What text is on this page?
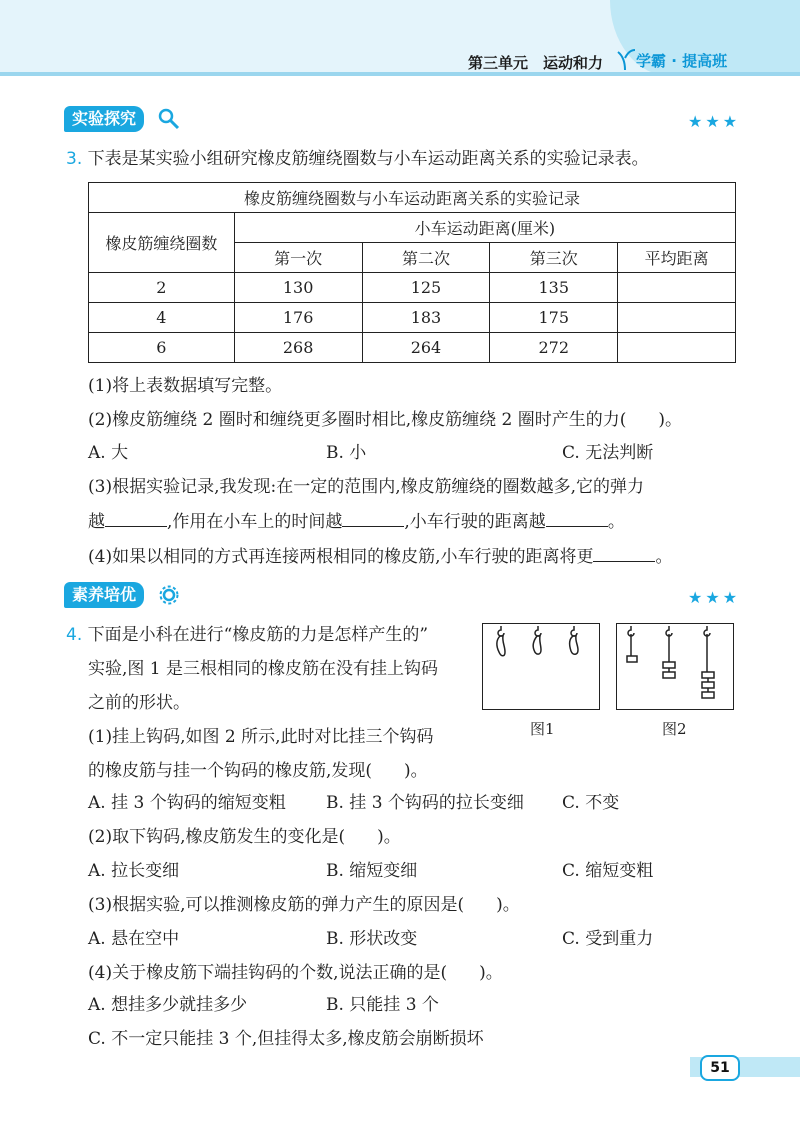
第三单元　运动和力 学霸 · 提高班
实验探究	★★★
3. 下表是某实验小组研究橡皮筋缠绕圈数与小车运动距离关系的实验记录表。
橡皮筋缠绕圈数与小车运动距离关系的实验记录				
橡皮筋缠绕圈数	小车运动距离(厘米)			
	第一次	第二次	第三次	平均距离
2	130	125	135	
4	176	183	175	
6	268	264	272	
(1)将上表数据填写完整。
(2)橡皮筋缠绕 2 圈时和缠绕更多圈时相比,橡皮筋缠绕 2 圈时产生的力( )。
A. 大	B. 小	C. 无法判断
(3)根据实验记录,我发现:在一定的范围内,橡皮筋缠绕的圈数越多,它的弹力
越	,作用在小车上的时间越	,小车行驶的距离越	。
(4)如果以相同的方式再连接两根相同的橡皮筋,小车行驶的距离将更	。
素养培优	★★★
4. 下面是小科在进行“橡皮筋的力是怎样产生的”
实验,图 1 是三根相同的橡皮筋在没有挂上钩码
之前的形状。
图1	图2
(1)挂上钩码,如图 2 所示,此时对比挂三个钩码
的橡皮筋与挂一个钩码的橡皮筋,发现( )。
A. 挂 3 个钩码的缩短变粗 B. 挂 3 个钩码的拉长变细 C. 不变
(2)取下钩码,橡皮筋发生的变化是( )。
A. 拉长变细	B. 缩短变细	C. 缩短变粗
(3)根据实验,可以推测橡皮筋的弹力产生的原因是( )。
A. 悬在空中	B. 形状改变	C. 受到重力
(4)关于橡皮筋下端挂钩码的个数,说法正确的是( )。
A. 想挂多少就挂多少	B. 只能挂 3 个
C. 不一定只能挂 3 个,但挂得太多,橡皮筋会崩断损坏
51
